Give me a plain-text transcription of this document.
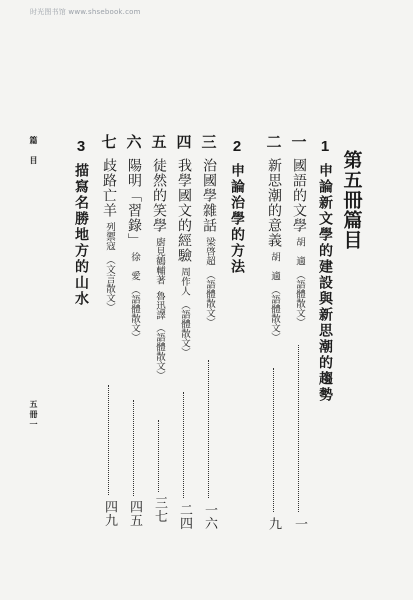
时光图书馆 www.shsebook.com
第五冊篇目
1
申論新文學的建設與新思潮的趨勢
一
國語的文學
胡　適
（語體散文）
一
二
新思潮的意義
胡　適
（語體散文）
九
2
申論治學的方法
三
治國學雜話
梁啓超
（語體散文）
一六
四
我學國文的經驗
周作人
（語體散文）
二四
五
徒然的笑學
廚見鶴輔著
魯迅譯
（語體散文）
三七
六
陽明「習錄」
徐　愛
（語體散文）
四五
七
歧路亡羊
列禦寇
（文言散文）
四九
3
描寫名勝地方的山水
篇　目
五冊一
